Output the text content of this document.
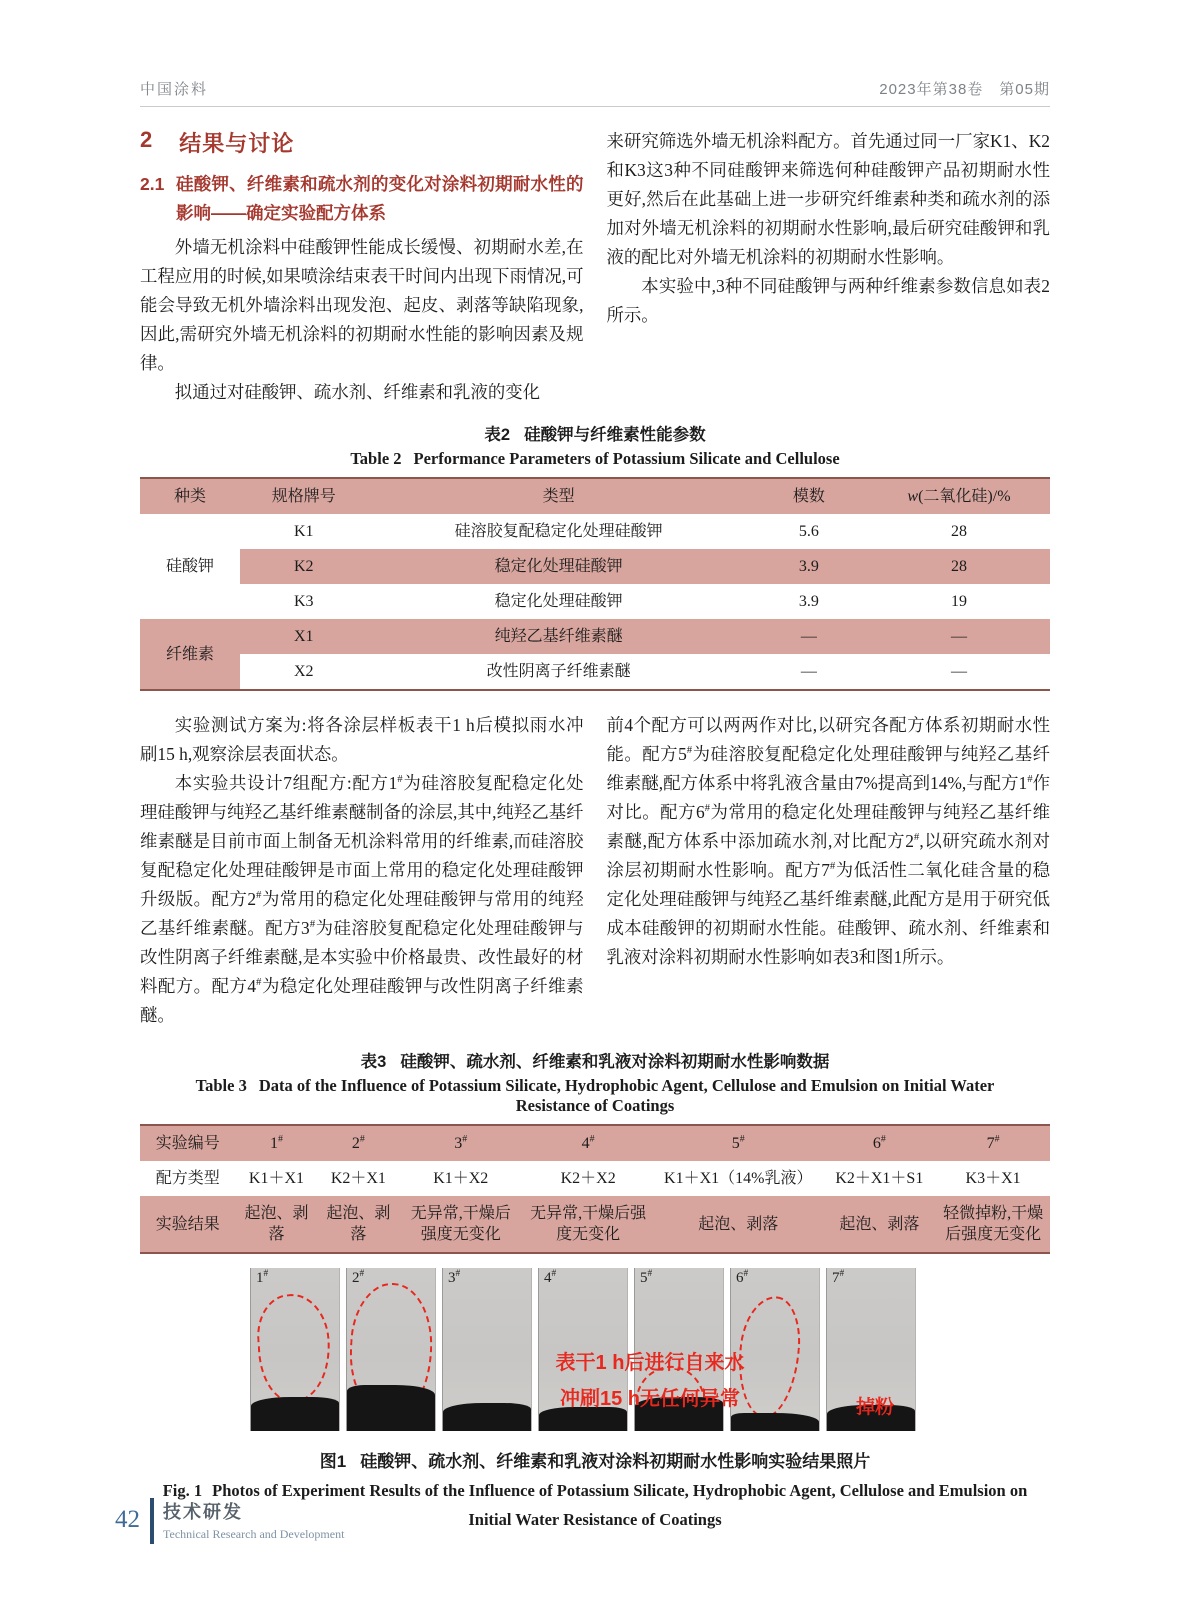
中国涂料	2023年第38卷　第05期
2 结果与讨论
2.1 硅酸钾、纤维素和疏水剂的变化对涂料初期耐水性的影响——确定实验配方体系

外墙无机涂料中硅酸钾性能成长缓慢、初期耐水差,在工程应用的时候,如果喷涂结束表干时间内出现下雨情况,可能会导致无机外墙涂料出现发泡、起皮、剥落等缺陷现象,因此,需研究外墙无机涂料的初期耐水性能的影响因素及规律。

拟通过对硅酸钾、疏水剂、纤维素和乳液的变化

来研究筛选外墙无机涂料配方。首先通过同一厂家K1、K2和K3这3种不同硅酸钾来筛选何种硅酸钾产品初期耐水性更好,然后在此基础上进一步研究纤维素种类和疏水剂的添加对外墙无机涂料的初期耐水性影响,最后研究硅酸钾和乳液的配比对外墙无机涂料的初期耐水性影响。

本实验中,3种不同硅酸钾与两种纤维素参数信息如表2所示。

表2 硅酸钾与纤维素性能参数
Table 2 Performance Parameters of Potassium Silicate and Cellulose
种类	规格牌号	类型	模数	w(二氧化硅)/%
硅酸钾	K1	硅溶胶复配稳定化处理硅酸钾	5.6	28
	K2	稳定化处理硅酸钾	3.9	28
	K3	稳定化处理硅酸钾	3.9	19
纤维素	X1	纯羟乙基纤维素醚	—	—
	X2	改性阴离子纤维素醚	—	—

实验测试方案为:将各涂层样板表干1 h后模拟雨水冲刷15 h,观察涂层表面状态。

本实验共设计7组配方:配方1#为硅溶胶复配稳定化处理硅酸钾与纯羟乙基纤维素醚制备的涂层,其中,纯羟乙基纤维素醚是目前市面上制备无机涂料常用的纤维素,而硅溶胶复配稳定化处理硅酸钾是市面上常用的稳定化处理硅酸钾升级版。配方2#为常用的稳定化处理硅酸钾与常用的纯羟乙基纤维素醚。配方3#为硅溶胶复配稳定化处理硅酸钾与改性阴离子纤维素醚,是本实验中价格最贵、改性最好的材料配方。配方4#为稳定化处理硅酸钾与改性阴离子纤维素醚。

前4个配方可以两两作对比,以研究各配方体系初期耐水性能。配方5#为硅溶胶复配稳定化处理硅酸钾与纯羟乙基纤维素醚,配方体系中将乳液含量由7%提高到14%,与配方1#作对比。配方6#为常用的稳定化处理硅酸钾与纯羟乙基纤维素醚,配方体系中添加疏水剂,对比配方2#,以研究疏水剂对涂层初期耐水性影响。配方7#为低活性二氧化硅含量的稳定化处理硅酸钾与纯羟乙基纤维素醚,此配方是用于研究低成本硅酸钾的初期耐水性能。硅酸钾、疏水剂、纤维素和乳液对涂料初期耐水性影响如表3和图1所示。

表3 硅酸钾、疏水剂、纤维素和乳液对涂料初期耐水性影响数据
Table 3 Data of the Influence of Potassium Silicate, Hydrophobic Agent, Cellulose and Emulsion on Initial Water
Resistance of Coatings
实验编号	1#	2#	3#	4#	5#	6#	7#
配方类型	K1＋X1	K2＋X1	K1＋X2	K2＋X2	K1＋X1（14%乳液）	K2＋X1＋S1	K3＋X1
实验结果	起泡、剥落	起泡、剥落	无异常,干燥后强度无变化	无异常,干燥后强度无变化	起泡、剥落	起泡、剥落	轻微掉粉,干燥后强度无变化
1#	2#	3#	4#	5#	6#	7#
表干1 h后进行自来水
冲刷15 h无任何异常	掉粉
图1 硅酸钾、疏水剂、纤维素和乳液对涂料初期耐水性影响实验结果照片
Fig. 1 Photos of Experiment Results of the Influence of Potassium Silicate, Hydrophobic Agent, Cellulose and Emulsion on Initial Water Resistance of Coatings
42 技术研发
Technical Research and Development
